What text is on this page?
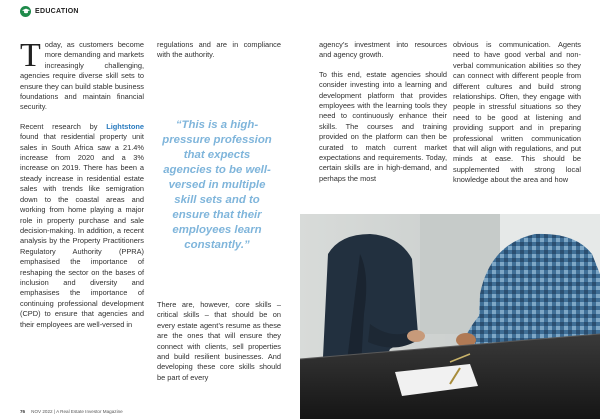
EDUCATION

Today, as customers become more demanding and markets increasingly challenging, agencies require diverse skill sets to ensure they can build stable business foundations and maintain financial security.

Recent research by Lightstone found that residential property unit sales in South Africa saw a 21.4% increase from 2020 and a 3% increase on 2019. There has been a steady increase in residential estate sales with trends like semigration down to the coastal areas and working from home playing a major role in property purchase and sale decision-making. In addition, a recent analysis by the Property Practitioners Regulatory Authority (PPRA) emphasised the importance of reshaping the sector on the bases of inclusion and diversity and emphasises the importance of continuing professional development (CPD) to ensure that agencies and their employees are well-versed in

regulations and are in compliance with the authority.

“This is a high-pressure profession that expects agencies to be well-versed in multiple skill sets and to ensure that their employees learn constantly.”

There are, however, core skills – critical skills – that should be on every estate agent’s resume as these are the ones that will ensure they connect with clients, sell properties and build resilient businesses. And developing these core skills should be part of every

agency’s investment into resources and agency growth.

To this end, estate agencies should consider investing into a learning and development platform that provides employees with the learning tools they need to continuously enhance their skills. The courses and training provided on the platform can then be curated to match current market expectations and requirements. Today, certain skills are in high-demand, and perhaps the most

obvious is communication. Agents need to have good verbal and non-verbal communication abilities so they can connect with different people from different cultures and build strong relationships. Often, they engage with people in stressful situations so they need to be good at listening and providing support and in preparing professional written communication that will align with regulations, and put minds at ease. This should be supplemented with strong local knowledge about the area and how

76 NOV 2022 | A Real Estate Investor Magazine
